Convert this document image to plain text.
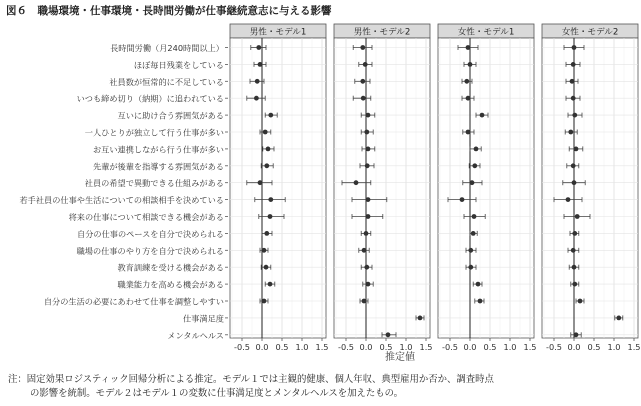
図６　職場環境・仕事環境・長時間労働が仕事継続意志に与える影響
男性・モデル1
-0.5 0.0 0.5 1.0 1.5
男性・モデル2
-0.5 0.0 0.5 1.0 1.5
女性・モデル1
-0.5 0.0 0.5 1.0 1.5
女性・モデル2
-0.5 0.0 0.5 1.0 1.5
長時間労働（月240時間以上）
ほぼ毎日残業をしている
社員数が恒常的に不足している
いつも締め切り（納期）に追われている
互いに助け合う雰囲気がある
一人ひとりが独立して行う仕事が多い
お互い連携しながら行う仕事が多い
先輩が後輩を指導する雰囲気がある
社員の希望で異動できる仕組みがある
若手社員の仕事や生活についての相談相手を決めている
将来の仕事について相談できる機会がある
自分の仕事のペースを自分で決められる
職場の仕事のやり方を自分で決められる
教育訓練を受ける機会がある
職業能力を高める機会がある
自分の生活の必要にあわせて仕事を調整しやすい
仕事満足度
メンタルヘルス
推定値
注：固定効果ロジスティック回帰分析による推定。モデル１では主観的健康、個人年収、典型雇用か否か、調査時点
の影響を統制。モデル２はモデル１の変数に仕事満足度とメンタルヘルスを加えたもの。
